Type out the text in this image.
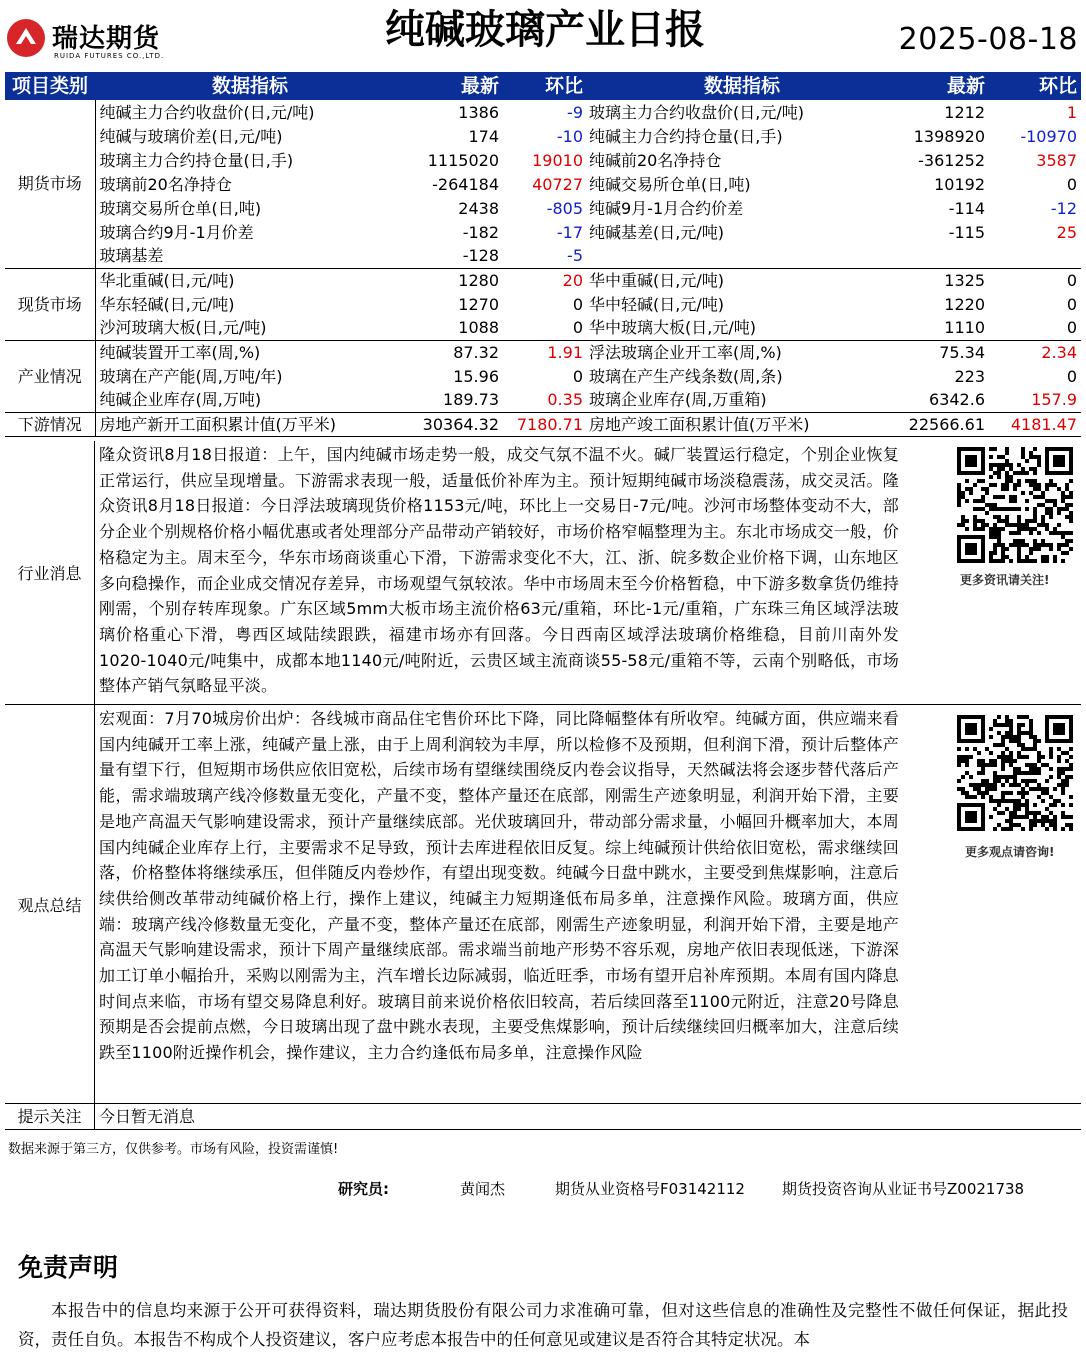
瑞达期货
RUIDA FUTURES CO.,LTD.
纯碱玻璃产业日报	2025-08-18
项目类别	数据指标	最新	环比	数据指标	最新	环比
期货市场	纯碱主力合约收盘价(日,元/吨)	1386	-9	玻璃主力合约收盘价(日,元/吨)	1212	1
	纯碱与玻璃价差(日,元/吨)	174	-10	纯碱主力合约持仓量(日,手)	1398920	-10970
	玻璃主力合约持仓量(日,手)	1115020	19010	纯碱前20名净持仓	-361252	3587
	玻璃前20名净持仓	-264184	40727	纯碱交易所仓单(日,吨)	10192	0
	玻璃交易所仓单(日,吨)	2438	-805	纯碱9月-1月合约价差	-114	-12
	玻璃合约9月-1月价差	-182	-17	纯碱基差(日,元/吨)	-115	25
	玻璃基差	-128	-5			
现货市场	华北重碱(日,元/吨)	1280	20	华中重碱(日,元/吨)	1325	0
	华东轻碱(日,元/吨)	1270	0	华中轻碱(日,元/吨)	1220	0
	沙河玻璃大板(日,元/吨)	1088	0	华中玻璃大板(日,元/吨)	1110	0
产业情况	纯碱装置开工率(周,%)	87.32	1.91	浮法玻璃企业开工率(周,%)	75.34	2.34
	玻璃在产产能(周,万吨/年)	15.96	0	玻璃在产生产线条数(周,条)	223	0
	纯碱企业库存(周,万吨)	189.73	0.35	玻璃企业库存(周,万重箱)	6342.6	157.9
下游情况	房地产新开工面积累计值(万平米)	30364.32	7180.71	房地产竣工面积累计值(万平米)	22566.61	4181.47
行业消息
隆众资讯8月18日报道：上午，国内纯碱市场走势一般，成交气氛不温不火。碱厂装置运行稳定，个别企业恢复正常运行，供应呈现增量。下游需求表现一般，适量低价补库为主。预计短期纯碱市场淡稳震荡，成交灵活。隆众资讯8月18日报道：今日浮法玻璃现货价格1153元/吨，环比上一交易日-7元/吨。沙河市场整体变动不大，部分企业个别规格价格小幅优惠或者处理部分产品带动产销较好，市场价格窄幅整理为主。东北市场成交一般，价格稳定为主。周末至今，华东市场商谈重心下滑，下游需求变化不大，江、浙、皖多数企业价格下调，山东地区多向稳操作，而企业成交情况存差异，市场观望气氛较浓。华中市场周末至今价格暂稳，中下游多数拿货仍维持刚需，个别存转库现象。广东区域5mm大板市场主流价格63元/重箱，环比-1元/重箱，广东珠三角区域浮法玻璃价格重心下滑，粤西区域陆续跟跌，福建市场亦有回落。今日西南区域浮法玻璃价格维稳，目前川南外发1020-1040元/吨集中，成都本地1140元/吨附近，云贵区域主流商谈55-58元/重箱不等，云南个别略低，市场整体产销气氛略显平淡。
更多资讯请关注!
观点总结
宏观面：7月70城房价出炉：各线城市商品住宅售价环比下降，同比降幅整体有所收窄。纯碱方面，供应端来看国内纯碱开工率上涨，纯碱产量上涨，由于上周利润较为丰厚，所以检修不及预期，但利润下滑，预计后整体产量有望下行，但短期市场供应依旧宽松，后续市场有望继续围绕反内卷会议指导，天然碱法将会逐步替代落后产能，需求端玻璃产线冷修数量无变化，产量不变，整体产量还在底部，刚需生产迹象明显，利润开始下滑，主要是地产高温天气影响建设需求，预计产量继续底部。光伏玻璃回升，带动部分需求量，小幅回升概率加大，本周国内纯碱企业库存上行，主要需求不足导致，预计去库进程依旧反复。综上纯碱预计供给依旧宽松，需求继续回落，价格整体将继续承压，但伴随反内卷炒作，有望出现变数。纯碱今日盘中跳水，主要受到焦煤影响，注意后续供给侧改革带动纯碱价格上行，操作上建议，纯碱主力短期逢低布局多单，注意操作风险。玻璃方面，供应端：玻璃产线冷修数量无变化，产量不变，整体产量还在底部，刚需生产迹象明显，利润开始下滑，主要是地产高温天气影响建设需求，预计下周产量继续底部。需求端当前地产形势不容乐观，房地产依旧表现低迷，下游深加工订单小幅抬升，采购以刚需为主，汽车增长边际减弱，临近旺季，市场有望开启补库预期。本周有国内降息时间点来临，市场有望交易降息利好。玻璃目前来说价格依旧较高，若后续回落至1100元附近，注意20号降息预期是否会提前点燃，今日玻璃出现了盘中跳水表现，主要受焦煤影响，预计后续继续回归概率加大，注意后续跌至1100附近操作机会，操作建议，主力合约逢低布局多单，注意操作风险
更多观点请咨询!
提示关注	今日暂无消息
数据来源于第三方，仅供参考。市场有风险，投资需谨慎!
研究员:	黄闻杰	期货从业资格号F03142112 期货投资咨询从业证书号Z0021738
免责声明
本报告中的信息均来源于公开可获得资料，瑞达期货股份有限公司力求准确可靠，但对这些信息的准确性及完整性不做任何保证，据此投资，责任自负。本报告不构成个人投资建议，客户应考虑本报告中的任何意见或建议是否符合其特定状况。本
